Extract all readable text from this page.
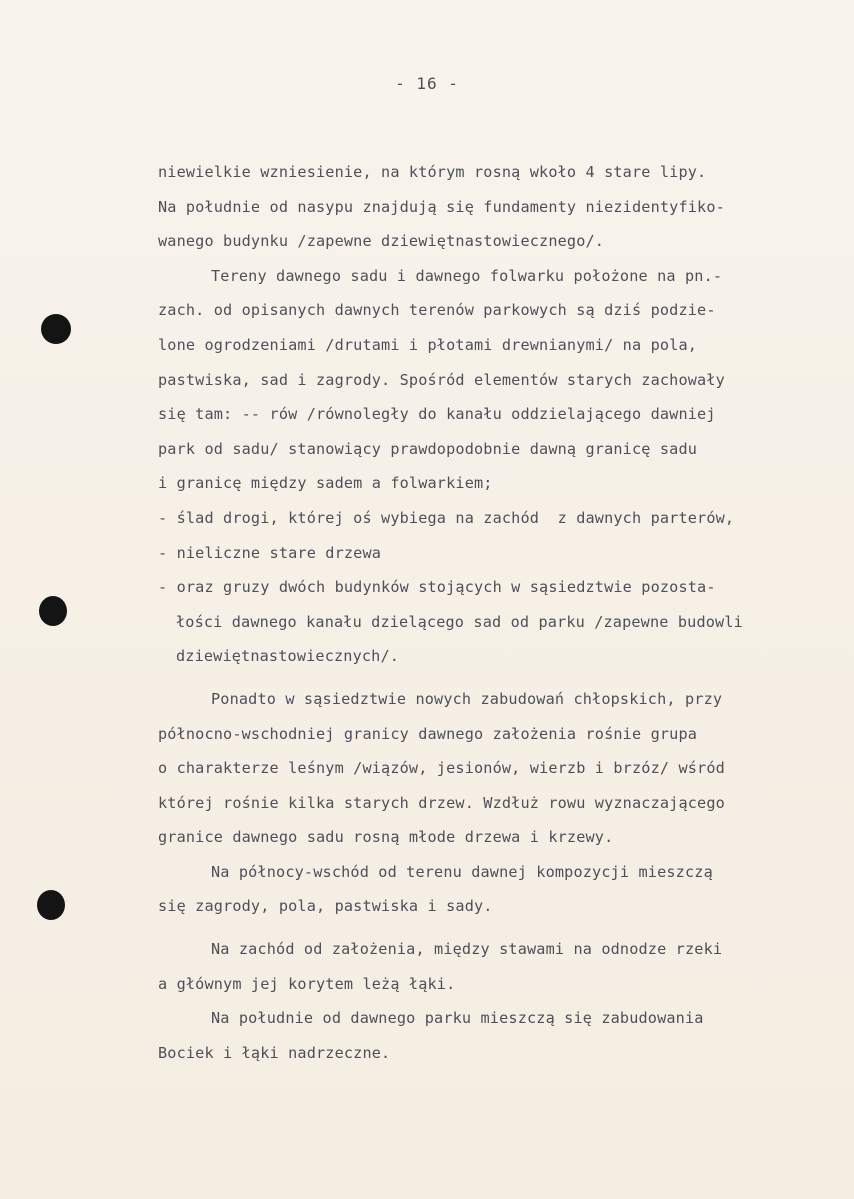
- 16 -
niewielkie wzniesienie, na którym rosną wkoło 4 stare lipy.
Na południe od nasypu znajdują się fundamenty niezidentyfiko-
wanego budynku /zapewne dziewiętnastowiecznego/.
Tereny dawnego sadu i dawnego folwarku położone na pn.-
zach. od opisanych dawnych terenów parkowych są dziś podzie-
lone ogrodzeniami /drutami i płotami drewnianymi/ na pola,
pastwiska, sad i zagrody. Spośród elementów starych zachowały
się tam: -- rów /równoległy do kanału oddzielającego dawniej
park od sadu/ stanowiący prawdopodobnie dawną granicę sadu
i granicę między sadem a folwarkiem;
- ślad drogi, której oś wybiega na zachód  z dawnych parterów,
- nieliczne stare drzewa
- oraz gruzy dwóch budynków stojących w sąsiedztwie pozosta-
łości dawnego kanału dzielącego sad od parku /zapewne budowli
dziewiętnastowiecznych/.
Ponadto w sąsiedztwie nowych zabudowań chłopskich, przy
północno-wschodniej granicy dawnego założenia rośnie grupa
o charakterze leśnym /wiązów, jesionów, wierzb i brzóz/ wśród
której rośnie kilka starych drzew. Wzdłuż rowu wyznaczającego
granice dawnego sadu rosną młode drzewa i krzewy.
Na północy-wschód od terenu dawnej kompozycji mieszczą
się zagrody, pola, pastwiska i sady.
Na zachód od założenia, między stawami na odnodze rzeki
a głównym jej korytem leżą łąki.
Na południe od dawnego parku mieszczą się zabudowania
Bociek i łąki nadrzeczne.
